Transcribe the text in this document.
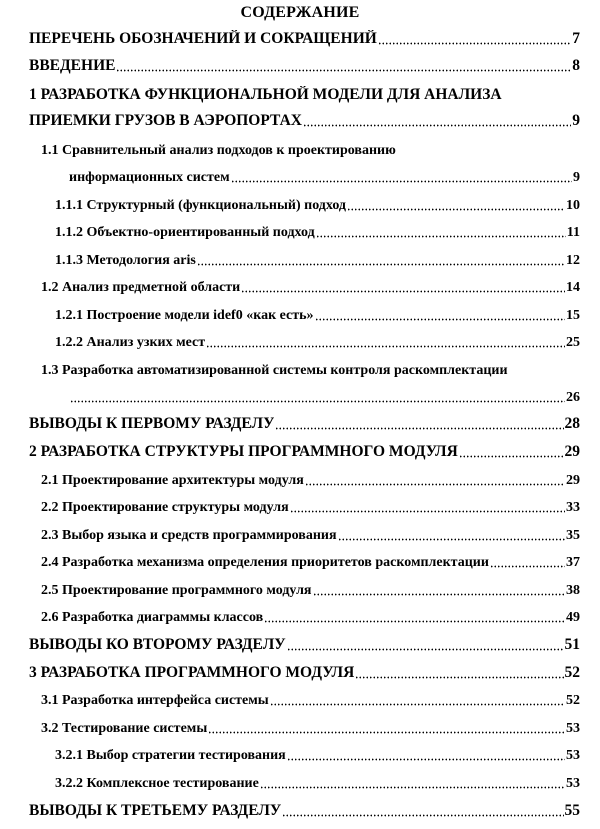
СОДЕРЖАНИЕ
ПЕРЕЧЕНЬ ОБОЗНАЧЕНИЙ И СОКРАЩЕНИЙ	7
ВВЕДЕНИЕ	8
1 РАЗРАБОТКА ФУНКЦИОНАЛЬНОЙ МОДЕЛИ ДЛЯ АНАЛИЗА
ПРИЕМКИ ГРУЗОВ В АЭРОПОРТАХ	9
1.1 Сравнительный анализ подходов к проектированию
информационных систем	9
1.1.1 Структурный (функциональный) подход	10
1.1.2 Объектно-ориентированный подход	11
1.1.3 Методология aris	12
1.2 Анализ предметной области	14
1.2.1 Построение модели idef0 «как есть»	15
1.2.2 Анализ узких мест	25
1.3 Разработка автоматизированной системы контроля раскомплектации
26
ВЫВОДЫ К ПЕРВОМУ РАЗДЕЛУ	28
2 РАЗРАБОТКА СТРУКТУРЫ ПРОГРАММНОГО МОДУЛЯ	29
2.1 Проектирование архитектуры модуля	29
2.2 Проектирование структуры модуля	33
2.3 Выбор языка и средств программирования	35
2.4 Разработка механизма определения приоритетов раскомплектации	37
2.5 Проектирование программного модуля	38
2.6 Разработка диаграммы классов	49
ВЫВОДЫ КО ВТОРОМУ РАЗДЕЛУ	51
3 РАЗРАБОТКА ПРОГРАММНОГО МОДУЛЯ	52
3.1 Разработка интерфейса системы	52
3.2 Тестирование системы	53
3.2.1 Выбор стратегии тестирования	53
3.2.2 Комплексное тестирование	53
ВЫВОДЫ К ТРЕТЬЕМУ РАЗДЕЛУ	55
